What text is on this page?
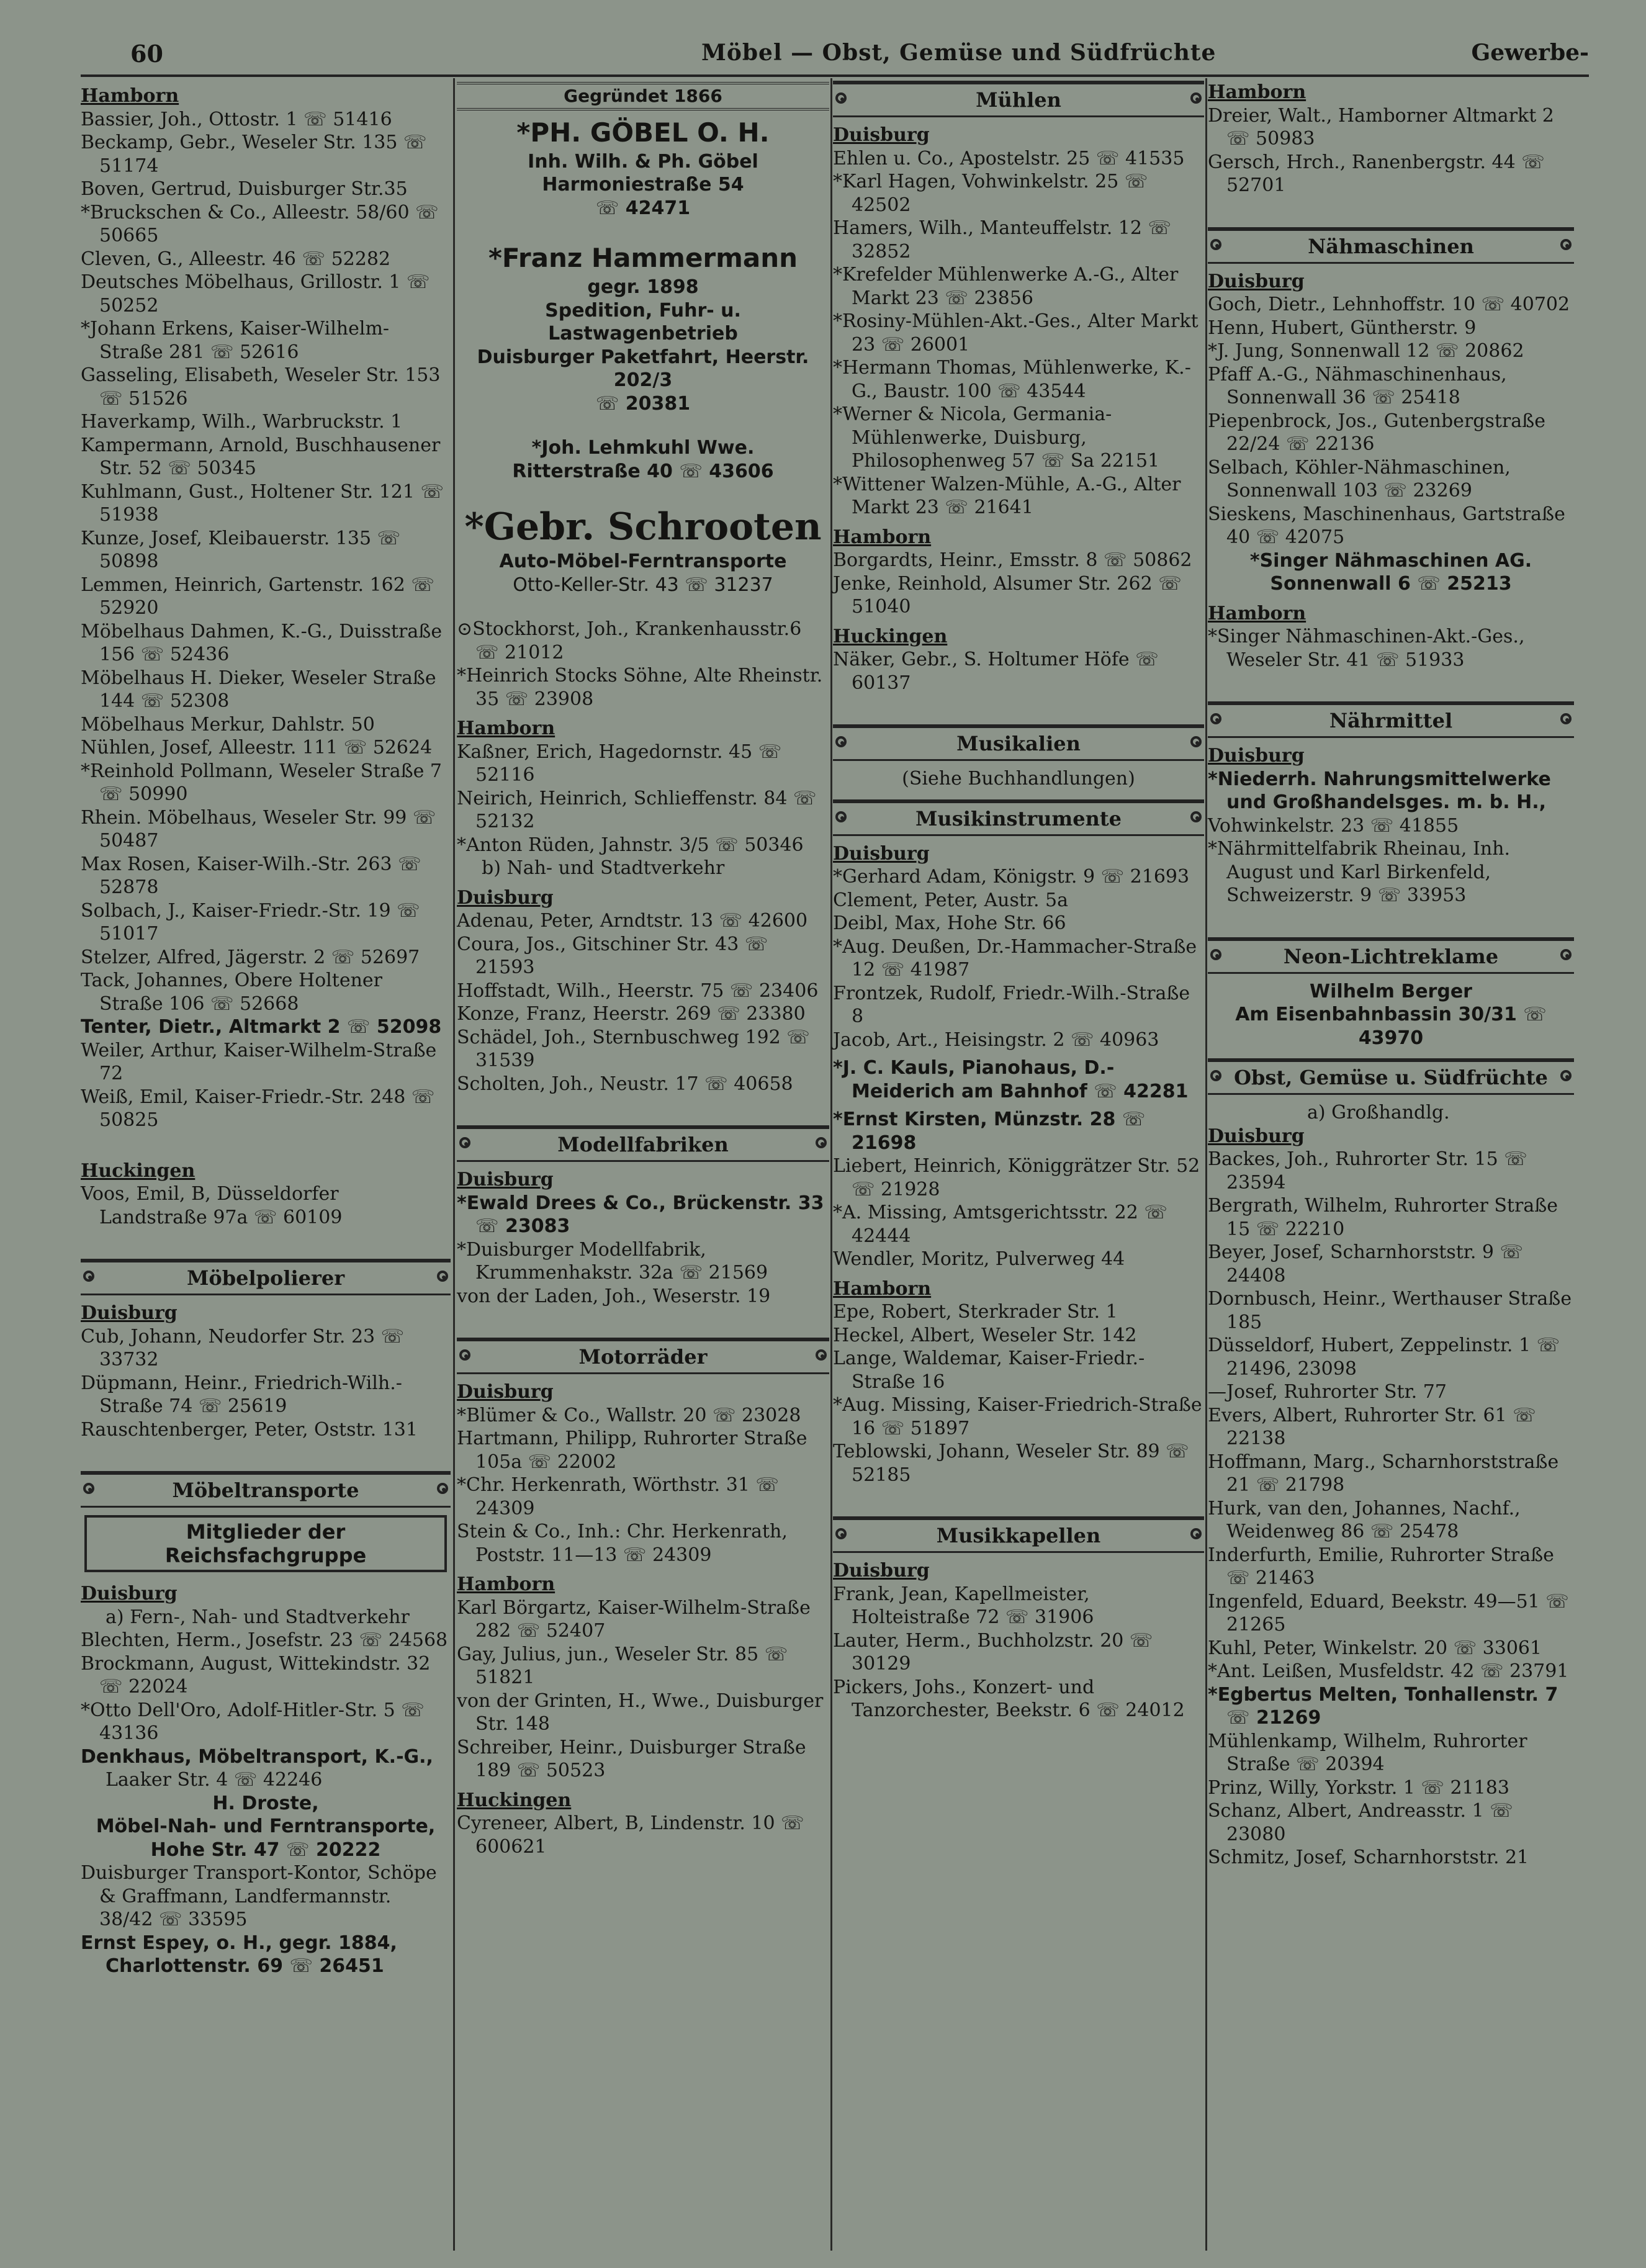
60	Möbel — Obst, Gemüse und Südfrüchte	Gewerbe-
Hamborn
Bassier, Joh., Ottostr. 1 ☏ 51416
Beckamp, Gebr., Weseler Str. 135 ☏ 51174
Boven, Gertrud, Duisburger Str.35
*Bruckschen & Co., Alleestr. 58/60 ☏ 50665
Cleven, G., Alleestr. 46 ☏ 52282
Deutsches Möbelhaus, Grillostr. 1 ☏ 50252
*Johann Erkens, Kaiser-Wilhelm-Straße 281 ☏ 52616
Gasseling, Elisabeth, Weseler Str. 153 ☏ 51526
Haverkamp, Wilh., Warbruckstr. 1
Kampermann, Arnold, Buschhausener Str. 52 ☏ 50345
Kuhlmann, Gust., Holtener Str. 121 ☏ 51938
Kunze, Josef, Kleibauerstr. 135 ☏ 50898
Lemmen, Heinrich, Gartenstr. 162 ☏ 52920
Möbelhaus Dahmen, K.-G., Duisstraße 156 ☏ 52436
Möbelhaus H. Dieker, Weseler Straße 144 ☏ 52308
Möbelhaus Merkur, Dahlstr. 50
Nühlen, Josef, Alleestr. 111 ☏ 52624
*Reinhold Pollmann, Weseler Straße 7 ☏ 50990
Rhein. Möbelhaus, Weseler Str. 99 ☏ 50487
Max Rosen, Kaiser-Wilh.-Str. 263 ☏ 52878
Solbach, J., Kaiser-Friedr.-Str. 19 ☏ 51017
Stelzer, Alfred, Jägerstr. 2 ☏ 52697
Tack, Johannes, Obere Holtener Straße 106 ☏ 52668
Tenter, Dietr., Altmarkt 2 ☏ 52098
Weiler, Arthur, Kaiser-Wilhelm-Straße 72
Weiß, Emil, Kaiser-Friedr.-Str. 248 ☏ 50825
Huckingen
Voos, Emil, B, Düsseldorfer Landstraße 97a ☏ 60109
Möbelpolierer
Duisburg
Cub, Johann, Neudorfer Str. 23 ☏ 33732
Düpmann, Heinr., Friedrich-Wilh.-Straße 74 ☏ 25619
Rauschtenberger, Peter, Oststr. 131
Möbeltransporte
Mitglieder der Reichsfachgruppe
Duisburg
a) Fern-, Nah- und Stadtverkehr
Blechten, Herm., Josefstr. 23 ☏ 24568
Brockmann, August, Wittekindstr. 32 ☏ 22024
*Otto Dell'Oro, Adolf-Hitler-Str. 5 ☏ 43136
Denkhaus, Möbeltransport, K.-G.,
Laaker Str. 4 ☏ 42246
H. Droste,
Möbel-Nah- und Ferntransporte,
Hohe Str. 47 ☏ 20222
Duisburger Transport-Kontor, Schöpe & Graffmann, Landfermannstr. 38/42 ☏ 33595
Ernst Espey, o. H., gegr. 1884,
Charlottenstr. 69 ☏ 26451
Gegründet 1866
*PH. GÖBEL O. H.
Inh. Wilh. & Ph. Göbel
Harmoniestraße 54
☏ 42471
*Franz Hammermann
gegr. 1898
Spedition, Fuhr- u. Lastwagenbetrieb
Duisburger Paketfahrt, Heerstr. 202/3
☏ 20381
*Joh. Lehmkuhl Wwe.
Ritterstraße 40 ☏ 43606
*Gebr. Schrooten
Auto-Möbel-Ferntransporte
Otto-Keller-Str. 43 ☏ 31237
⊙Stockhorst, Joh., Krankenhausstr.6 ☏ 21012
*Heinrich Stocks Söhne, Alte Rheinstr. 35 ☏ 23908
Hamborn
Kaßner, Erich, Hagedornstr. 45 ☏ 52116
Neirich, Heinrich, Schlieffenstr. 84 ☏ 52132
*Anton Rüden, Jahnstr. 3/5 ☏ 50346
b) Nah- und Stadtverkehr
Duisburg
Adenau, Peter, Arndtstr. 13 ☏ 42600
Coura, Jos., Gitschiner Str. 43 ☏ 21593
Hoffstadt, Wilh., Heerstr. 75 ☏ 23406
Konze, Franz, Heerstr. 269 ☏ 23380
Schädel, Joh., Sternbuschweg 192 ☏ 31539
Scholten, Joh., Neustr. 17 ☏ 40658
Modellfabriken
Duisburg
*Ewald Drees & Co., Brückenstr. 33 ☏ 23083
*Duisburger Modellfabrik, Krummenhakstr. 32a ☏ 21569
von der Laden, Joh., Weserstr. 19
Motorräder
Duisburg
*Blümer & Co., Wallstr. 20 ☏ 23028
Hartmann, Philipp, Ruhrorter Straße 105a ☏ 22002
*Chr. Herkenrath, Wörthstr. 31 ☏ 24309
Stein & Co., Inh.: Chr. Herkenrath, Poststr. 11—13 ☏ 24309
Hamborn
Karl Börgartz, Kaiser-Wilhelm-Straße 282 ☏ 52407
Gay, Julius, jun., Weseler Str. 85 ☏ 51821
von der Grinten, H., Wwe., Duisburger Str. 148
Schreiber, Heinr., Duisburger Straße 189 ☏ 50523
Huckingen
Cyreneer, Albert, B, Lindenstr. 10 ☏ 600621
Mühlen
Duisburg
Ehlen u. Co., Apostelstr. 25 ☏ 41535
*Karl Hagen, Vohwinkelstr. 25 ☏ 42502
Hamers, Wilh., Manteuffelstr. 12 ☏ 32852
*Krefelder Mühlenwerke A.-G., Alter Markt 23 ☏ 23856
*Rosiny-Mühlen-Akt.-Ges., Alter Markt 23 ☏ 26001
*Hermann Thomas, Mühlenwerke, K.-G., Baustr. 100 ☏ 43544
*Werner & Nicola, Germania-Mühlenwerke, Duisburg, Philosophenweg 57 ☏ Sa 22151
*Wittener Walzen-Mühle, A.-G., Alter Markt 23 ☏ 21641
Hamborn
Borgardts, Heinr., Emsstr. 8 ☏ 50862
Jenke, Reinhold, Alsumer Str. 262 ☏ 51040
Huckingen
Näker, Gebr., S. Holtumer Höfe ☏ 60137
Musikalien
(Siehe Buchhandlungen)
Musikinstrumente
Duisburg
*Gerhard Adam, Königstr. 9 ☏ 21693
Clement, Peter, Austr. 5a
Deibl, Max, Hohe Str. 66
*Aug. Deußen, Dr.-Hammacher-Straße 12 ☏ 41987
Frontzek, Rudolf, Friedr.-Wilh.-Straße 8
Jacob, Art., Heisingstr. 2 ☏ 40963
*J. C. Kauls, Pianohaus, D.-Meiderich am Bahnhof ☏ 42281
*Ernst Kirsten, Münzstr. 28 ☏ 21698
Liebert, Heinrich, Königgrätzer Str. 52 ☏ 21928
*A. Missing, Amtsgerichtsstr. 22 ☏ 42444
Wendler, Moritz, Pulverweg 44
Hamborn
Epe, Robert, Sterkrader Str. 1
Heckel, Albert, Weseler Str. 142
Lange, Waldemar, Kaiser-Friedr.-Straße 16
*Aug. Missing, Kaiser-Friedrich-Straße 16 ☏ 51897
Teblowski, Johann, Weseler Str. 89 ☏ 52185
Musikkapellen
Duisburg
Frank, Jean, Kapellmeister, Holteistraße 72 ☏ 31906
Lauter, Herm., Buchholzstr. 20 ☏ 30129
Pickers, Johs., Konzert- und Tanzorchester, Beekstr. 6 ☏ 24012
Hamborn
Dreier, Walt., Hamborner Altmarkt 2 ☏ 50983
Gersch, Hrch., Ranenbergstr. 44 ☏ 52701
Nähmaschinen
Duisburg
Goch, Dietr., Lehnhoffstr. 10 ☏ 40702
Henn, Hubert, Güntherstr. 9
*J. Jung, Sonnenwall 12 ☏ 20862
Pfaff A.-G., Nähmaschinenhaus, Sonnenwall 36 ☏ 25418
Piepenbrock, Jos., Gutenbergstraße 22/24 ☏ 22136
Selbach, Köhler-Nähmaschinen, Sonnenwall 103 ☏ 23269
Sieskens, Maschinenhaus, Gartstraße 40 ☏ 42075
*Singer Nähmaschinen AG.
Sonnenwall 6 ☏ 25213
Hamborn
*Singer Nähmaschinen-Akt.-Ges., Weseler Str. 41 ☏ 51933
Nährmittel
Duisburg
*Niederrh. Nahrungsmittelwerke und Großhandelsges. m. b. H.,
Vohwinkelstr. 23 ☏ 41855
*Nährmittelfabrik Rheinau, Inh. August und Karl Birkenfeld, Schweizerstr. 9 ☏ 33953
Neon-Lichtreklame
Wilhelm Berger
Am Eisenbahnbassin 30/31 ☏ 43970
Obst, Gemüse u. Südfrüchte
a) Großhandlg.
Duisburg
Backes, Joh., Ruhrorter Str. 15 ☏ 23594
Bergrath, Wilhelm, Ruhrorter Straße 15 ☏ 22210
Beyer, Josef, Scharnhorststr. 9 ☏ 24408
Dornbusch, Heinr., Werthauser Straße 185
Düsseldorf, Hubert, Zeppelinstr. 1 ☏ 21496, 23098
—Josef, Ruhrorter Str. 77
Evers, Albert, Ruhrorter Str. 61 ☏ 22138
Hoffmann, Marg., Scharnhorststraße 21 ☏ 21798
Hurk, van den, Johannes, Nachf., Weidenweg 86 ☏ 25478
Inderfurth, Emilie, Ruhrorter Straße ☏ 21463
Ingenfeld, Eduard, Beekstr. 49—51 ☏ 21265
Kuhl, Peter, Winkelstr. 20 ☏ 33061
*Ant. Leißen, Musfeldstr. 42 ☏ 23791
*Egbertus Melten, Tonhallenstr. 7 ☏ 21269
Mühlenkamp, Wilhelm, Ruhrorter Straße ☏ 20394
Prinz, Willy, Yorkstr. 1 ☏ 21183
Schanz, Albert, Andreasstr. 1 ☏ 23080
Schmitz, Josef, Scharnhorststr. 21
